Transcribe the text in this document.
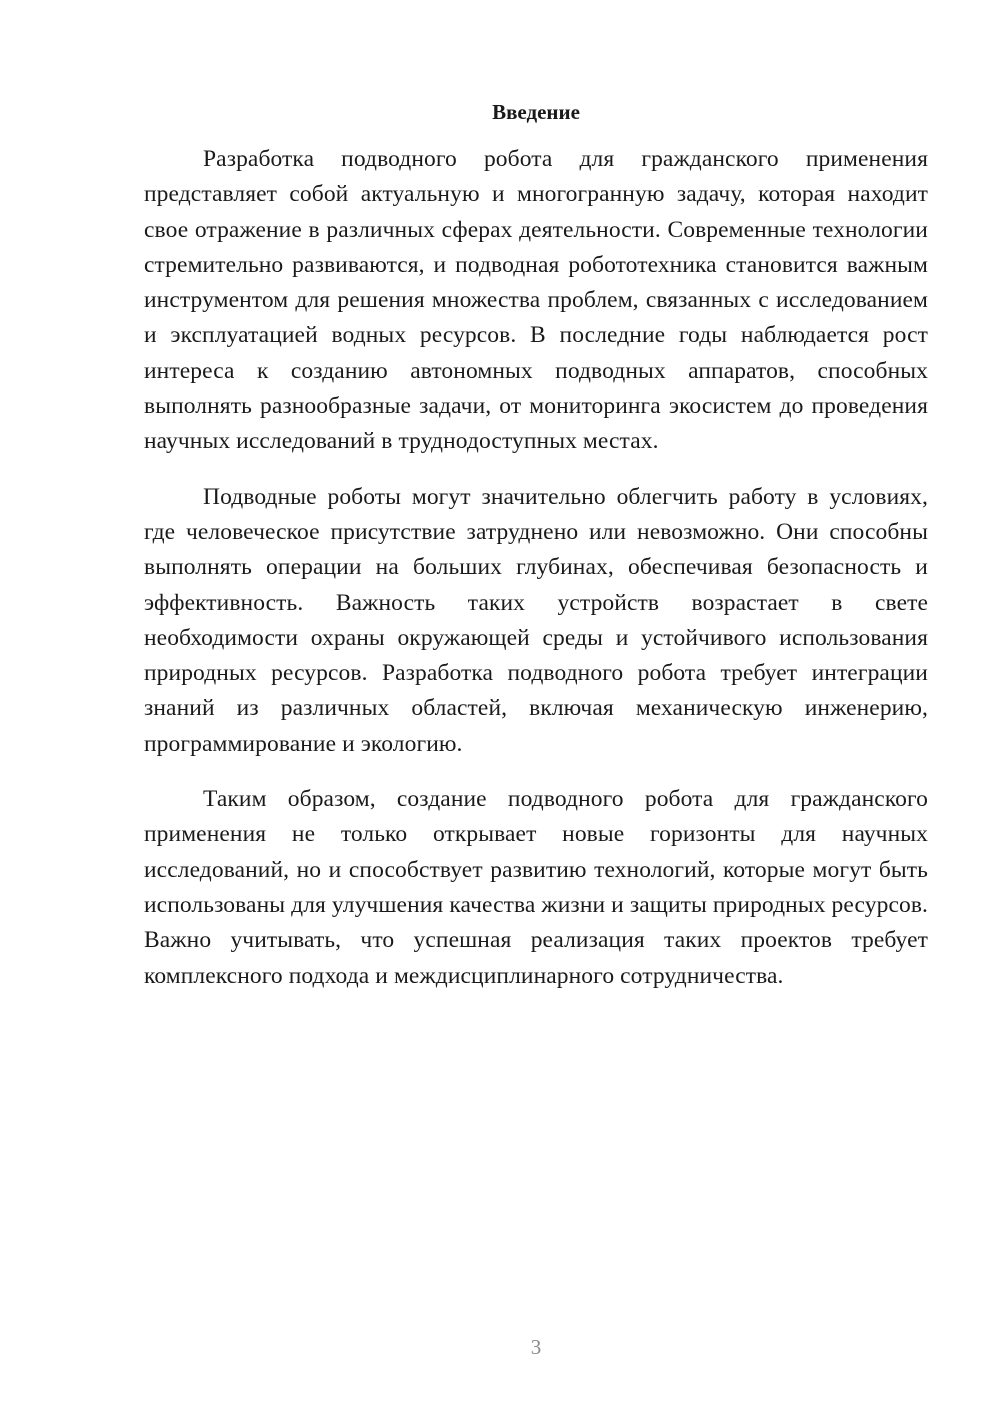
Введение

Разработка подводного робота для гражданского применения представляет собой актуальную и многогранную задачу, которая находит свое отражение в различных сферах деятельности. Современные технологии стремительно развиваются, и подводная робототехника становится важным инструментом для решения множества проблем, связанных с исследованием и эксплуатацией водных ресурсов. В последние годы наблюдается рост интереса к созданию автономных подводных аппаратов, способных выполнять разнообразные задачи, от мониторинга экосистем до проведения научных исследований в труднодоступных местах.

Подводные роботы могут значительно облегчить работу в условиях, где человеческое присутствие затруднено или невозможно. Они способны выполнять операции на больших глубинах, обеспечивая безопасность и эффективность. Важность таких устройств возрастает в свете необходимости охраны окружающей среды и устойчивого использования природных ресурсов. Разработка подводного робота требует интеграции знаний из различных областей, включая механическую инженерию, программирование и экологию.

Таким образом, создание подводного робота для гражданского применения не только открывает новые горизонты для научных исследований, но и способствует развитию технологий, которые могут быть использованы для улучшения качества жизни и защиты природных ресурсов. Важно учитывать, что успешная реализация таких проектов требует комплексного подхода и междисциплинарного сотрудничества.

3
